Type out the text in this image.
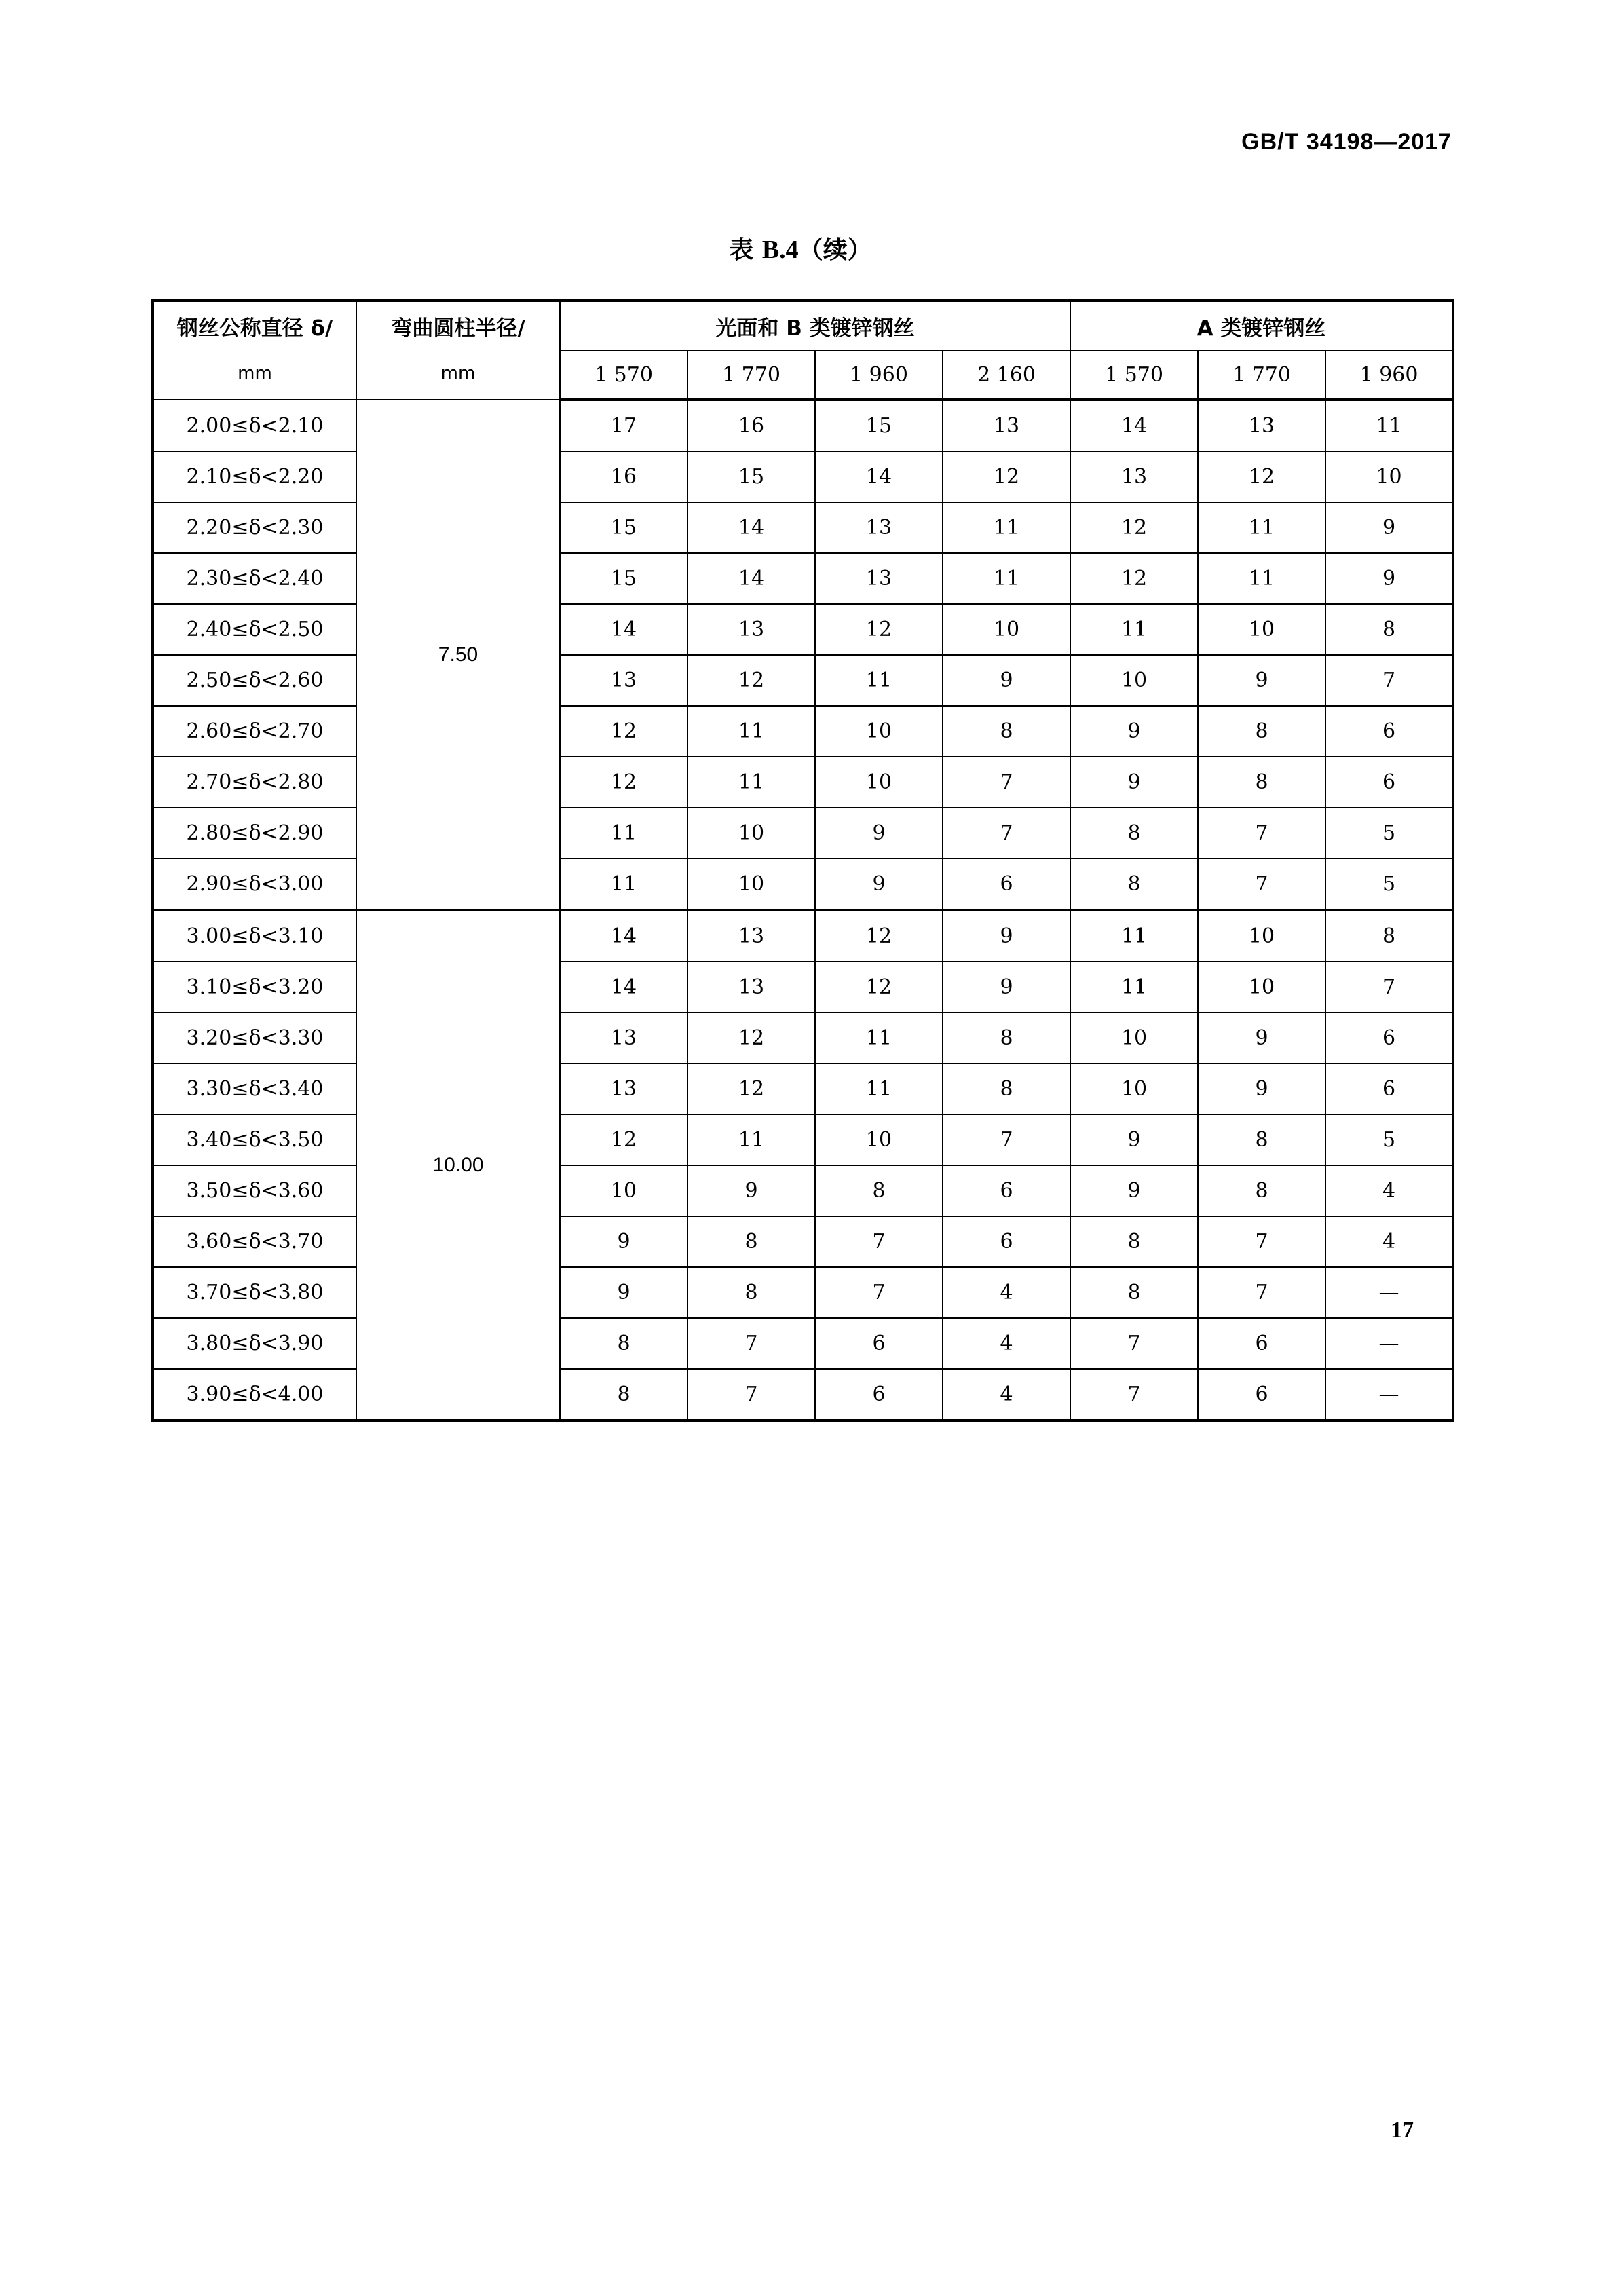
GB/T 34198—2017
表 B.4（续）
钢丝公称直径 δ/
mm	弯曲圆柱半径/
mm	光面和 B 类镀锌钢丝				A 类镀锌钢丝		
		1 570	1 770	1 960	2 160	1 570	1 770	1 960
2.00≤δ<2.10	7.50	17	16	15	13	14	13	11
2.10≤δ<2.20		16	15	14	12	13	12	10
2.20≤δ<2.30		15	14	13	11	12	11	9
2.30≤δ<2.40		15	14	13	11	12	11	9
2.40≤δ<2.50		14	13	12	10	11	10	8
2.50≤δ<2.60		13	12	11	9	10	9	7
2.60≤δ<2.70		12	11	10	8	9	8	6
2.70≤δ<2.80		12	11	10	7	9	8	6
2.80≤δ<2.90		11	10	9	7	8	7	5
2.90≤δ<3.00		11	10	9	6	8	7	5
3.00≤δ<3.10	10.00	14	13	12	9	11	10	8
3.10≤δ<3.20		14	13	12	9	11	10	7
3.20≤δ<3.30		13	12	11	8	10	9	6
3.30≤δ<3.40		13	12	11	8	10	9	6
3.40≤δ<3.50		12	11	10	7	9	8	5
3.50≤δ<3.60		10	9	8	6	9	8	4
3.60≤δ<3.70		9	8	7	6	8	7	4
3.70≤δ<3.80		9	8	7	4	8	7	—
3.80≤δ<3.90		8	7	6	4	7	6	—
3.90≤δ<4.00		8	7	6	4	7	6	—
17
